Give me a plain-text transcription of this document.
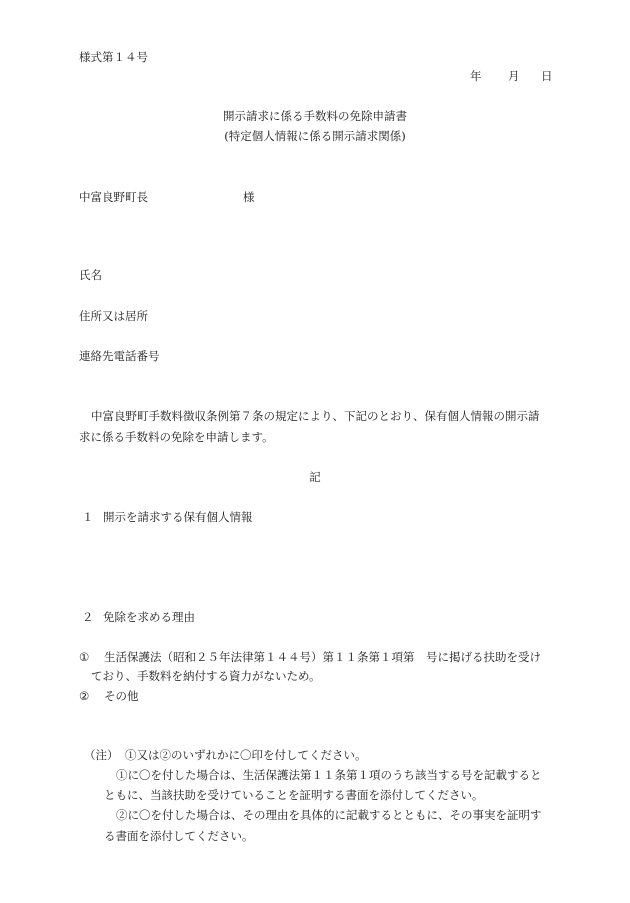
様式第１４号
年 月 日
開示請求に係る手数料の免除申請書
(特定個人情報に係る開示請求関係)
中富良野町長	様
氏名
住所又は居所
連絡先電話番号
中富良野町手数料徴収条例第７条の規定により、下記のとおり、保有個人情報の開示請
求に係る手数料の免除を申請します。
記
１ 開示を請求する保有個人情報
２ 免除を求める理由
① 生活保護法（昭和２５年法律第１４４号）第１１条第１項第　号に掲げる扶助を受け
ており、手数料を納付する資力がないため。
② その他
（注） ①又は②のいずれかに〇印を付してください。
①に〇を付した場合は、生活保護法第１１条第１項のうち該当する号を記載すると
ともに、当該扶助を受けていることを証明する書面を添付してください。
②に〇を付した場合は、その理由を具体的に記載するとともに、その事実を証明す
る書面を添付してください。
